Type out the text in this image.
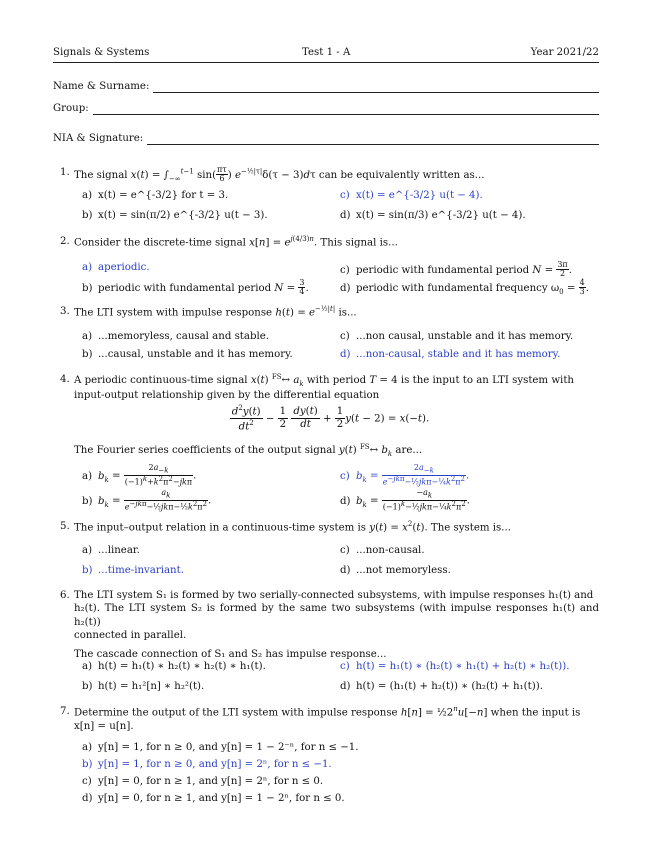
Signals & Systems	Test 1 - A	Year 2021/22
Name & Surname:
Group:
NIA & Signature:
1. The signal $x(t) = \int_{-\infty}^{t-1}$ $\sin( \frac{\pi\tau}{6}$ ) $e^{-\frac{1}{2}|\tau|}\delta(\tau - 3)d\tau$ can be equivalently written as...
a) x(t) = e^{-3/2} for t = 3.
b) x(t) = sin(π/2) e^{-3/2} u(t − 3).
c) x(t) = e^{-3/2} u(t − 4).
d) x(t) = sin(π/3) e^{-3/2} u(t − 4).
2. Consider the discrete-time signal $x[n] = e^{j(4/3)n}$. This signal is...
a) aperiodic.
b) periodic with fundamental period $N = \frac{3}{4}$ .
c) periodic with fundamental period $N = \frac{3\pi}{2}$ .
d) periodic with fundamental frequency $\omega_0 = \frac{4}{3}$ .
3. The LTI system with impulse response $h(t) = e^{-\frac{1}{2}|t|}$ is...
a) ...memoryless, causal and stable.
b) ...causal, unstable and it has memory.
c) ...non causal, unstable and it has memory.
d) ...non-causal, stable and it has memory.
4. A periodic continuous-time signal x(t) $^{FS}$↔ $a_k$ with period T = 4 is the input to an LTI system with
input-output relationship given by the differential equation
$\frac{d^2y(t)}{dt^2} - \frac{1}{2}$
$\frac{dy(t)}{dt} + \frac{1}{2} y(t - 2) = x(-t)$.
The Fourier series coefficients of the output signal y(t) $^{FS}$↔ $b_k$ are...
a) $b_k = \frac{2a_{-k}}{(-1)^k+k^2\pi^2-jk\pi}$ .
b) $b_k = \frac{a_k}{e^{-jk\pi}-\frac{1}{2}jk\pi-\frac{1}{2}k^2\pi^2}$ .
c) $b_k = \frac{2a_{-k}}{e^{-jk\pi}-\frac{1}{2}jk\pi-\frac{1}{4}k^2\pi^2}$ .
d) $b_k = \frac{-a_k}{(-1)^k-\frac{1}{2}jk\pi-\frac{1}{4}k^2\pi^2}$ .
5. The input–output relation in a continuous-time system is $y(t) = x^2(t)$. The system is...
a) ...linear.
b) ...time-invariant.
c) ...non-causal.
d) ...not memoryless.
6. The LTI system S₁ is formed by two serially-connected subsystems, with impulse responses h₁(t) and
h₂(t). The LTI system S₂ is formed by the same two subsystems (with impulse responses h₁(t) and h₂(t))
connected in parallel.
The cascade connection of S₁ and S₂ has impulse response...
a) h(t) = h₁(t) ∗ h₂(t) ∗ h₂(t) ∗ h₁(t).
b) h(t) = h₁²[n] ∗ h₂²(t).
c) h(t) = h₁(t) ∗ (h₂(t) ∗ h₁(t) + h₂(t) ∗ h₂(t)).
d) h(t) = (h₁(t) + h₂(t)) ∗ (h₂(t) + h₁(t)).
7. Determine the output of the LTI system with impulse response $h[n] = \frac{1}{2}2^nu[-n]$ when the input is
x[n] = u[n].
a) y[n] = 1, for n ≥ 0, and y[n] = 1 − 2⁻ⁿ, for n ≤ −1.
b) y[n] = 1, for n ≥ 0, and y[n] = 2ⁿ, for n ≤ −1.
c) y[n] = 0, for n ≥ 1, and y[n] = 2ⁿ, for n ≤ 0.
d) y[n] = 0, for n ≥ 1, and y[n] = 1 − 2ⁿ, for n ≤ 0.
